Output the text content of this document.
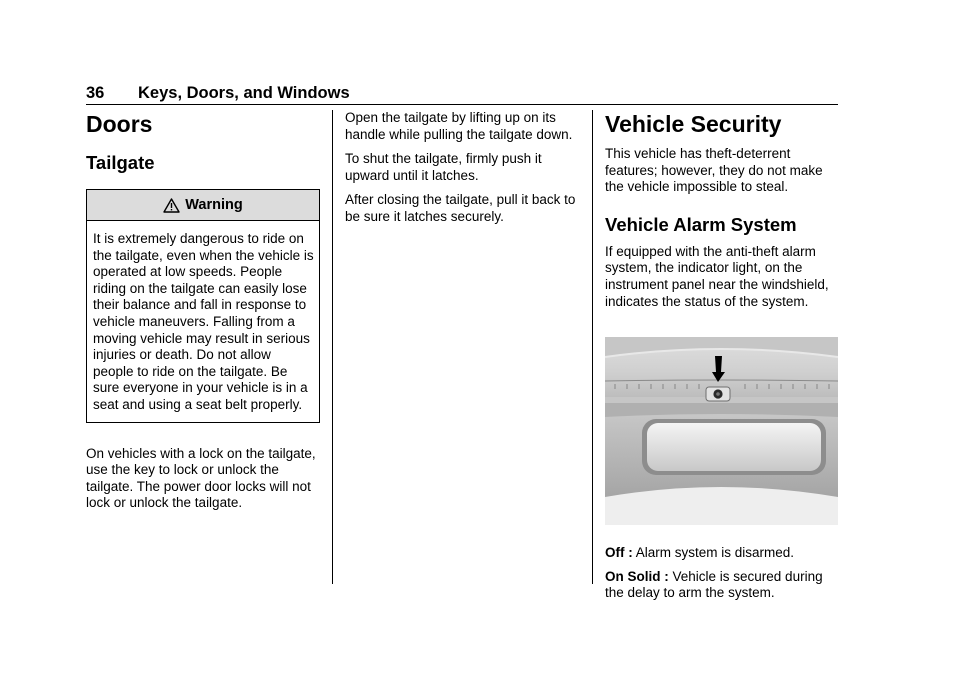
36 Keys, Doors, and Windows
Doors
Tailgate
Warning

It is extremely dangerous to ride on the tailgate, even when the vehicle is operated at low speeds. People riding on the tailgate can easily lose their balance and fall in response to vehicle maneuvers. Falling from a moving vehicle may result in serious injuries or death. Do not allow people to ride on the tailgate. Be sure everyone in your vehicle is in a seat and using a seat belt properly.

On vehicles with a lock on the tailgate, use the key to lock or unlock the tailgate. The power door locks will not lock or unlock the tailgate.

Open the tailgate by lifting up on its handle while pulling the tailgate down.

To shut the tailgate, firmly push it upward until it latches.

After closing the tailgate, pull it back to be sure it latches securely.

Vehicle Security

This vehicle has theft-deterrent features; however, they do not make the vehicle impossible to steal.

Vehicle Alarm System

If equipped with the anti-theft alarm system, the indicator light, on the instrument panel near the windshield, indicates the status of the system.

Off : Alarm system is disarmed.

On Solid : Vehicle is secured during the delay to arm the system.
